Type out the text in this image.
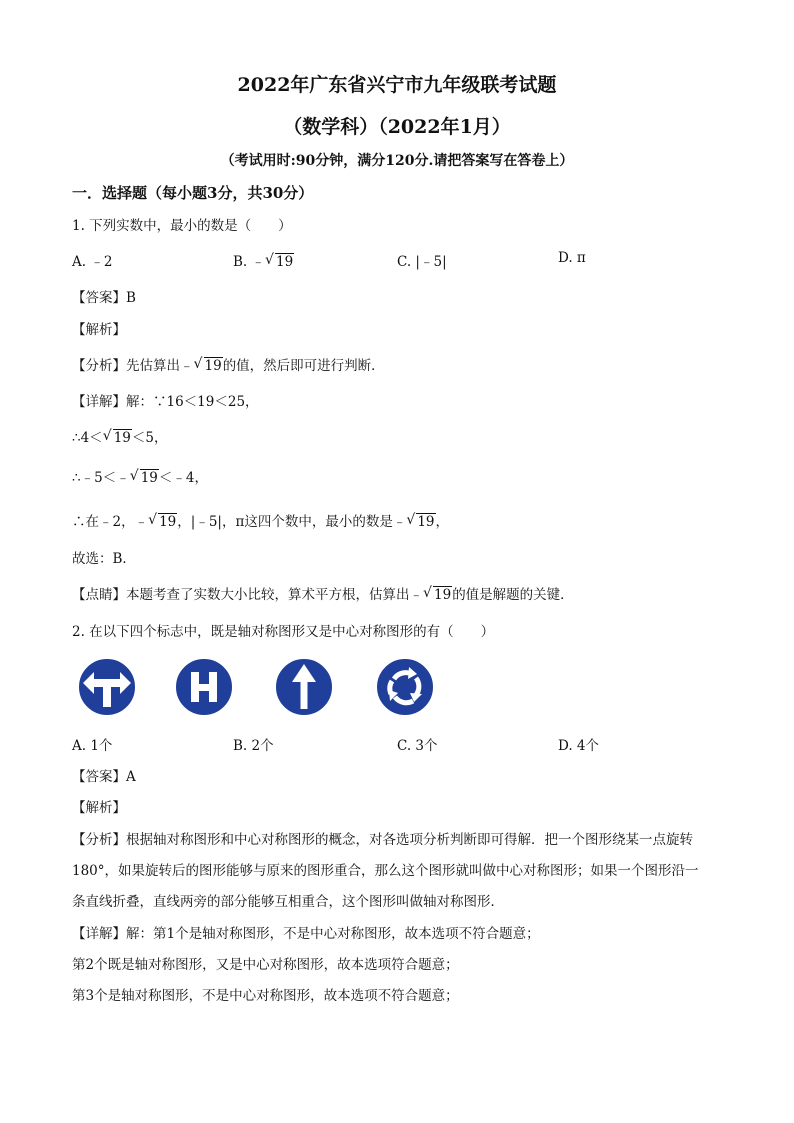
2022年广东省兴宁市九年级联考试题
（数学科）（2022年1月）
（考试用时:90分钟，满分120分.请把答案写在答卷上）
一．选择题（每小题3分，共30分）
1. 下列实数中，最小的数是（　　）
A. ﹣2	B. ﹣ √ 19	C. |﹣5|	D. π
【答案】B
【解析】
【分析】先估算出﹣ √ 19的值，然后即可进行判断．
【详解】解：∵16＜19＜25，
∴4＜ √ 19＜5，
∴﹣5＜﹣ √ 19＜﹣4，
∴在﹣2，﹣ √ 19，|﹣5|，π这四个数中，最小的数是﹣ √ 19，
故选：B．
【点睛】本题考查了实数大小比较，算术平方根，估算出﹣ √ 19的值是解题的关键．
2. 在以下四个标志中，既是轴对称图形又是中心对称图形的有（　　）
A. 1个	B. 2个	C. 3个	D. 4个
【答案】A
【解析】
【分析】根据轴对称图形和中心对称图形的概念，对各选项分析判断即可得解．把一个图形绕某一点旋转
180°，如果旋转后的图形能够与原来的图形重合，那么这个图形就叫做中心对称图形；如果一个图形沿一
条直线折叠，直线两旁的部分能够互相重合，这个图形叫做轴对称图形．
【详解】解：第1个是轴对称图形，不是中心对称图形，故本选项不符合题意；
第2个既是轴对称图形，又是中心对称图形，故本选项符合题意；
第3个是轴对称图形，不是中心对称图形，故本选项不符合题意；
